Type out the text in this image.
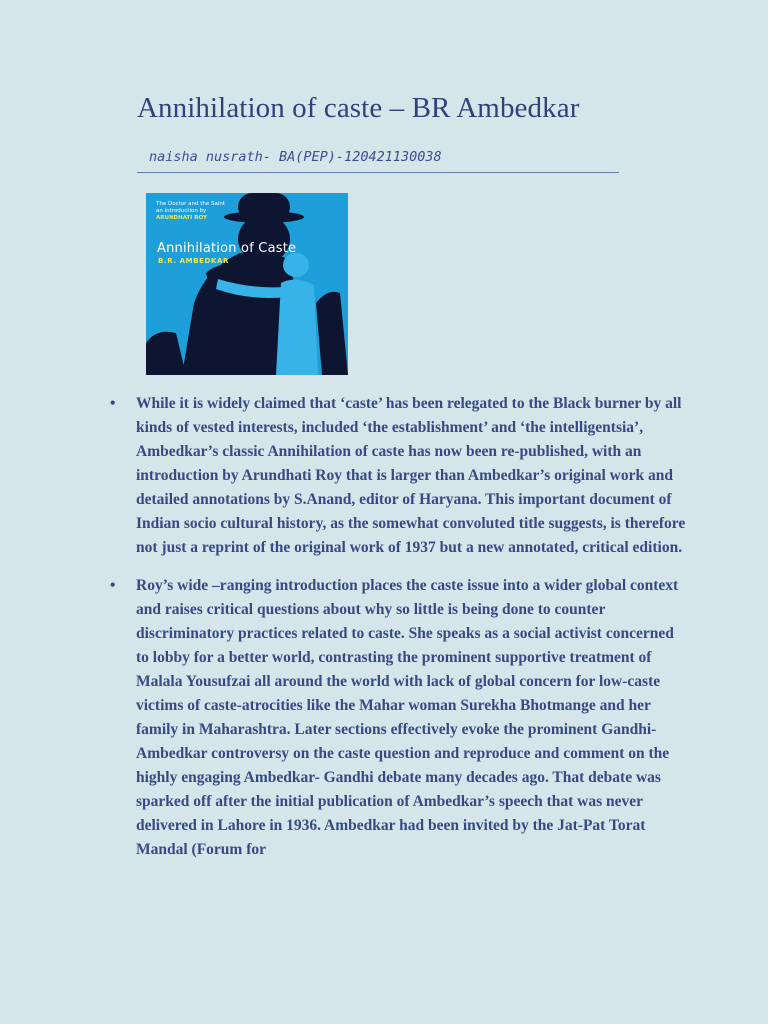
Annihilation of caste – BR Ambedkar

naisha nusrath- BA(PEP)-120421130038

The Doctor and the Saint
an introduction by
ARUNDHATI ROY
Annihilation of Caste
B.R. AMBEDKAR
• While it is widely claimed that ‘caste’ has been relegated to the Black burner by all kinds of vested interests, included ‘the establishment’ and ‘the intelligentsia’, Ambedkar’s classic Annihilation of caste has now been re-published, with an introduction by Arundhati Roy that is larger than Ambedkar’s original work and detailed annotations by S.Anand, editor of Haryana. This important document of Indian socio cultural history, as the somewhat convoluted title suggests, is therefore not just a reprint of the original work of 1937 but a new annotated, critical edition.
• Roy’s wide –ranging introduction places the caste issue into a wider global context and raises critical questions about why so little is being done to counter discriminatory practices related to caste. She speaks as a social activist concerned to lobby for a better world, contrasting the prominent supportive treatment of Malala Yousufzai all around the world with lack of global concern for low-caste victims of caste-atrocities like the Mahar woman Surekha Bhotmange and her family in Maharashtra. Later sections effectively evoke the prominent Gandhi-Ambedkar controversy on the caste question and reproduce and comment on the highly engaging Ambedkar- Gandhi debate many decades ago. That debate was sparked off after the initial publication of Ambedkar’s speech that was never delivered in Lahore in 1936. Ambedkar had been invited by the Jat-Pat Torat Mandal (Forum for
